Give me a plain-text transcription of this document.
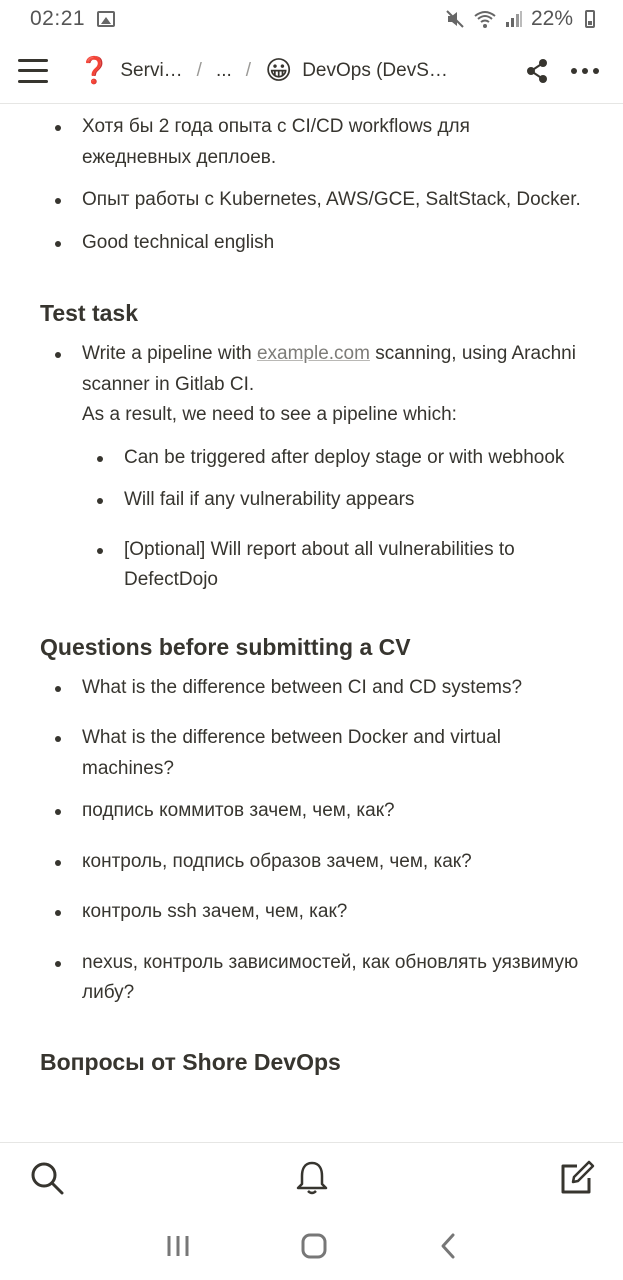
02:21	22%
❓ Servi… / ... / 😀 DevOps (DevS…
Хотя бы 2 года опыта с CI/CD workflows для ежедневных деплоев.
Опыт работы с Kubernetes, AWS/GCE, SaltStack, Docker.
Good technical english
Test task
Write a pipeline with example.com scanning, using Arachni scanner in Gitlab CI.
As a result, we need to see a pipeline which:
Can be triggered after deploy stage or with webhook
Will fail if any vulnerability appears
[Optional] Will report about all vulnerabilities to DefectDojo
Questions before submitting a CV
What is the difference between CI and CD systems?
What is the difference between Docker and virtual machines?
подпись коммитов зачем, чем, как?
контроль, подпись образов зачем, чем, как?
контроль ssh зачем, чем, как?
nexus, контроль зависимостей, как обновлять уязвимую либу?
Вопросы от Shore DevOps
